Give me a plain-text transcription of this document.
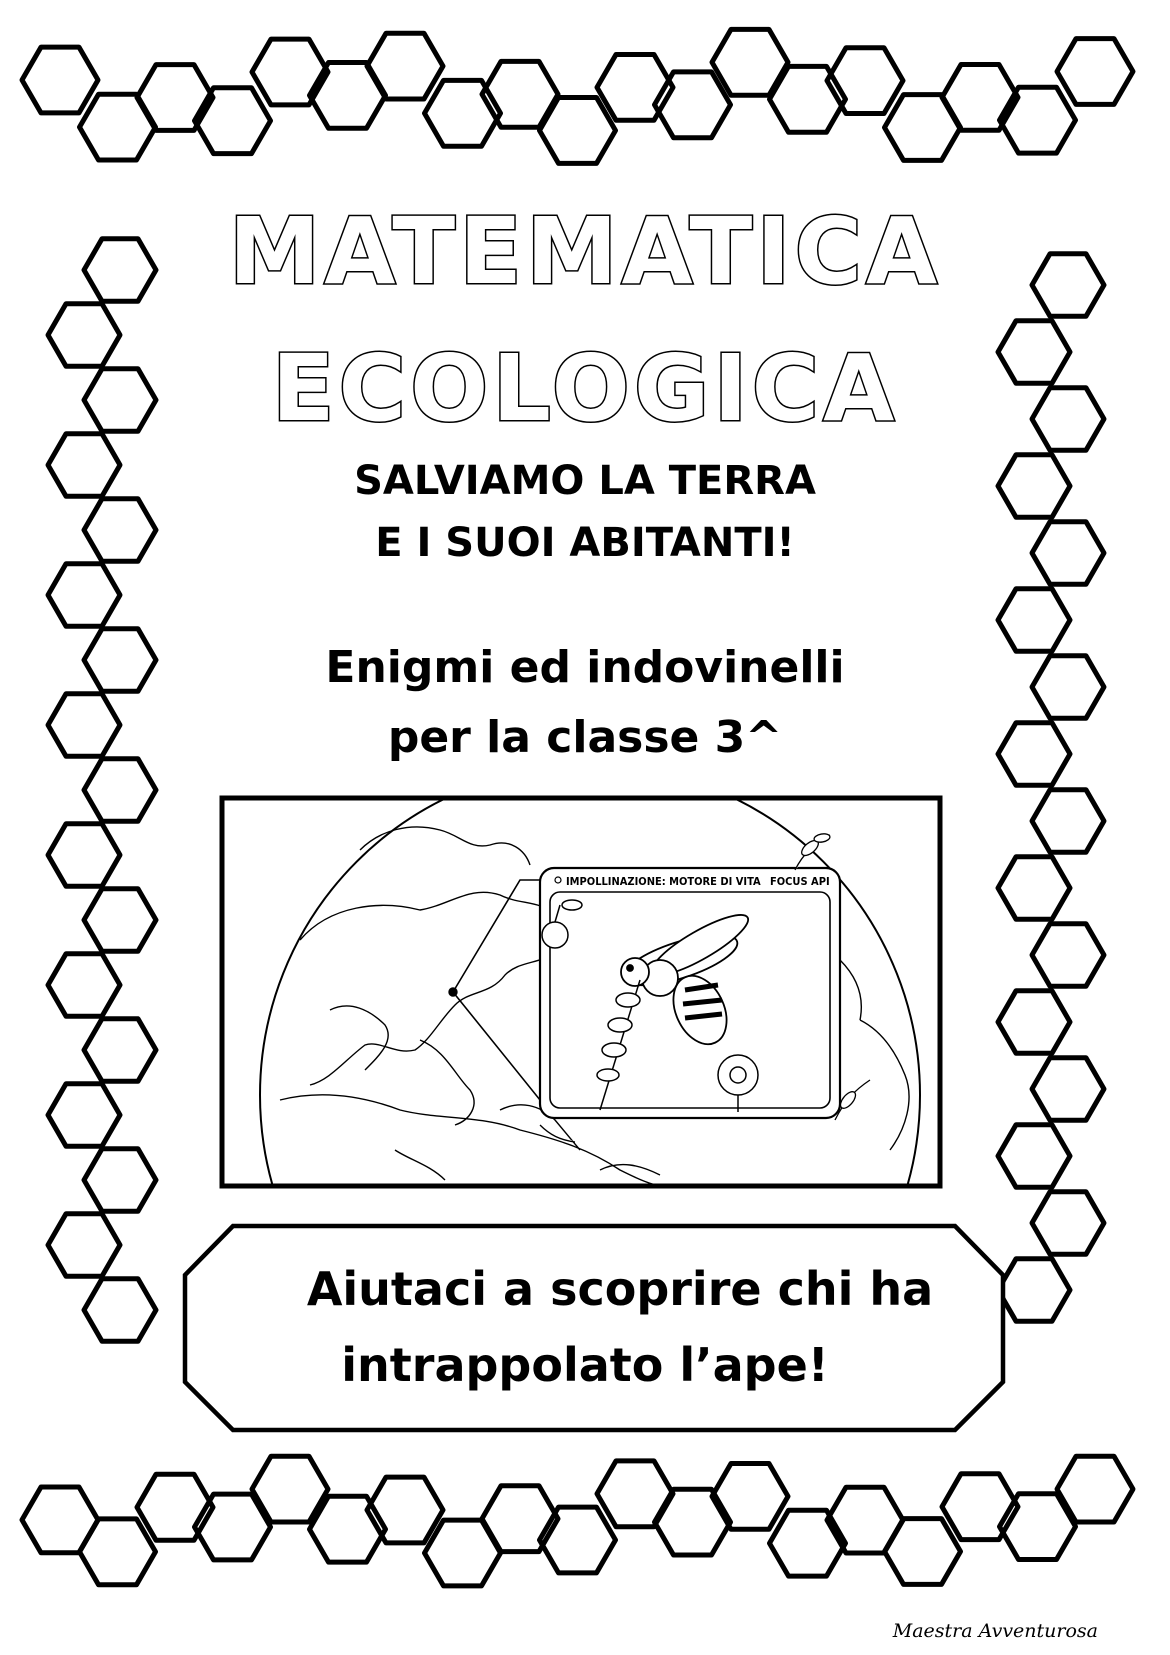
MATEMATICA
ECOLOGICA
SALVIAMO LA TERRA
E I SUOI ABITANTI!
Enigmi ed indovinelli
per la classe 3^
IMPOLLINAZIONE: MOTORE DI VITA FOCUS API
Aiutaci a scoprire chi ha
intrappolato l’ape!
Maestra Avventurosa
